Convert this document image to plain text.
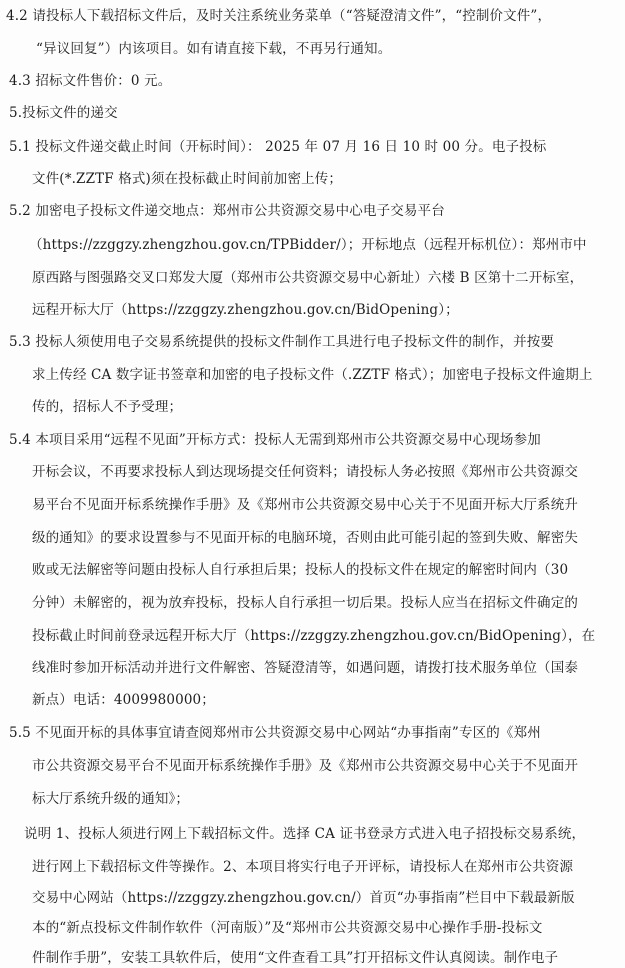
4.2 请投标人下载招标文件后，及时关注系统业务菜单（“答疑澄清文件”，“控制价文件”，
“异议回复”）内该项目。如有请直接下载，不再另行通知。
4.3 招标文件售价：0 元。
5.投标文件的递交
5.1 投标文件递交截止时间（开标时间）： 2025 年 07 月 16 日 10 时 00 分。电子投标
文件(*.ZZTF 格式)须在投标截止时间前加密上传；
5.2 加密电子投标文件递交地点：郑州市公共资源交易中心电子交易平台
（https://zzggzy.zhengzhou.gov.cn/TPBidder/）；开标地点（远程开标机位）：郑州市中
原西路与图强路交叉口郑发大厦（郑州市公共资源交易中心新址）六楼 B 区第十二开标室，
远程开标大厅（https://zzggzy.zhengzhou.gov.cn/BidOpening）；
5.3 投标人须使用电子交易系统提供的投标文件制作工具进行电子投标文件的制作，并按要
求上传经 CA 数字证书签章和加密的电子投标文件（.ZZTF 格式）；加密电子投标文件逾期上
传的，招标人不予受理；
5.4 本项目采用“远程不见面”开标方式：投标人无需到郑州市公共资源交易中心现场参加
开标会议，不再要求投标人到达现场提交任何资料；请投标人务必按照《郑州市公共资源交
易平台不见面开标系统操作手册》及《郑州市公共资源交易中心关于不见面开标大厅系统升
级的通知》的要求设置参与不见面开标的电脑环境，否则由此可能引起的签到失败、解密失
败或无法解密等问题由投标人自行承担后果；投标人的投标文件在规定的解密时间内（30
分钟）未解密的，视为放弃投标，投标人自行承担一切后果。投标人应当在招标文件确定的
投标截止时间前登录远程开标大厅（https://zzggzy.zhengzhou.gov.cn/BidOpening），在
线准时参加开标活动并进行文件解密、答疑澄清等，如遇问题，请拨打技术服务单位（国泰
新点）电话：4009980000；
5.5 不见面开标的具体事宜请查阅郑州市公共资源交易中心网站“办事指南”专区的《郑州
市公共资源交易平台不见面开标系统操作手册》及《郑州市公共资源交易中心关于不见面开
标大厅系统升级的通知》；
说明 1、投标人须进行网上下载招标文件。选择 CA 证书登录方式进入电子招投标交易系统，
进行网上下载招标文件等操作。2、本项目将实行电子开评标，请投标人在郑州市公共资源
交易中心网站（https://zzggzy.zhengzhou.gov.cn/）首页“办事指南”栏目中下载最新版
本的“新点投标文件制作软件（河南版）”及“郑州市公共资源交易中心操作手册-投标文
件制作手册”，安装工具软件后，使用“文件查看工具”打开招标文件认真阅读。制作电子
